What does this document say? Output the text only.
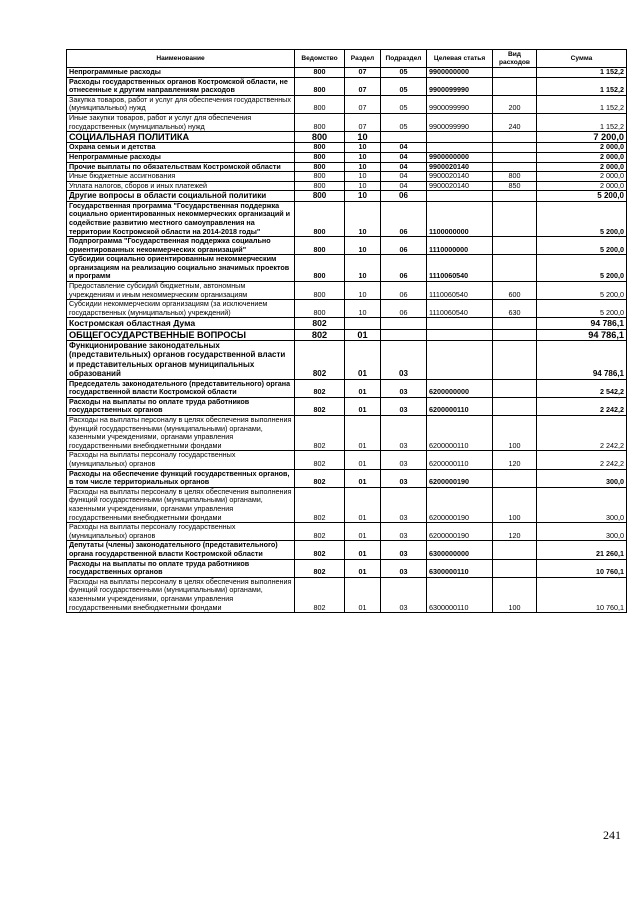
Наименование	Ведомство	Раздел	Подраздел	Целевая статья	Вид расходов	Сумма
Непрограммные расходы	800	07	05	9900000000		1 152,2
Расходы государственных органов Костромской области, не отнесенные к другим направлениям расходов	800	07	05	9900099990		1 152,2
Закупка товаров, работ и услуг для обеспечения государственных (муниципальных) нужд	800	07	05	9900099990	200	1 152,2
Иные закупки товаров, работ и услуг для обеспечения государственных (муниципальных) нужд	800	07	05	9900099990	240	1 152,2
СОЦИАЛЬНАЯ ПОЛИТИКА	800	10				7 200,0
Охрана семьи и детства	800	10	04			2 000,0
Непрограммные расходы	800	10	04	9900000000		2 000,0
Прочие выплаты по обязательствам Костромской области	800	10	04	9900020140		2 000,0
Иные бюджетные ассигнования	800	10	04	9900020140	800	2 000,0
Уплата налогов, сборов и иных платежей	800	10	04	9900020140	850	2 000,0
Другие вопросы в области социальной политики	800	10	06			5 200,0
Государственная программа "Государственная поддержка социально ориентированных некоммерческих организаций и содействие развитию местного самоуправления на территории Костромской области на 2014-2018 годы"	800	10	06	1100000000		5 200,0
Подпрограмма "Государственная поддержка социально ориентированных некоммерческих организаций"	800	10	06	1110000000		5 200,0
Субсидии социально ориентированным некоммерческим организациям на реализацию социально значимых проектов и программ	800	10	06	1110060540		5 200,0
Предоставление субсидий бюджетным, автономным учреждениям и иным некоммерческим организациям	800	10	06	1110060540	600	5 200,0
Субсидии некоммерческим организациям (за исключением государственных (муниципальных) учреждений)	800	10	06	1110060540	630	5 200,0
Костромская областная Дума	802					94 786,1
ОБЩЕГОСУДАРСТВЕННЫЕ ВОПРОСЫ	802	01				94 786,1
Функционирование законодательных (представительных) органов государственной власти и представительных органов муниципальных образований	802	01	03			94 786,1
Председатель законодательного (представительного) органа государственной власти Костромской области	802	01	03	6200000000		2 542,2
Расходы на выплаты по оплате труда работников государственных органов	802	01	03	6200000110		2 242,2
Расходы на выплаты персоналу в целях обеспечения выполнения функций государственными (муниципальными) органами, казенными учреждениями, органами управления государственными внебюджетными фондами	802	01	03	6200000110	100	2 242,2
Расходы на выплаты персоналу государственных (муниципальных) органов	802	01	03	6200000110	120	2 242,2
Расходы на обеспечение функций государственных органов, в том числе территориальных органов	802	01	03	6200000190		300,0
Расходы на выплаты персоналу в целях обеспечения выполнения функций государственными (муниципальными) органами, казенными учреждениями, органами управления государственными внебюджетными фондами	802	01	03	6200000190	100	300,0
Расходы на выплаты персоналу государственных (муниципальных) органов	802	01	03	6200000190	120	300,0
Депутаты (члены) законодательного (представительного) органа государственной власти Костромской области	802	01	03	6300000000		21 260,1
Расходы на выплаты по оплате труда работников государственных органов	802	01	03	6300000110		10 760,1
Расходы на выплаты персоналу в целях обеспечения выполнения функций государственными (муниципальными) органами, казенными учреждениями, органами управления государственными внебюджетными фондами	802	01	03	6300000110	100	10 760,1
241
